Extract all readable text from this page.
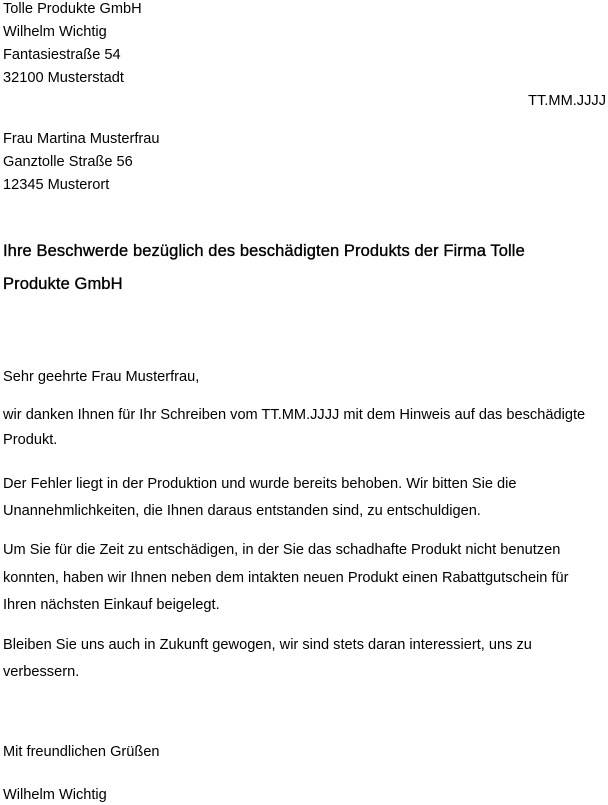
Tolle Produkte GmbH
Wilhelm Wichtig
Fantasiestraße 54
32100 Musterstadt
TT.MM.JJJJ
Frau Martina Musterfrau
Ganztolle Straße 56
12345 Musterort
Ihre Beschwerde bezüglich des beschädigten Produkts der Firma Tolle
Produkte GmbH
Sehr geehrte Frau Musterfrau,
wir danken Ihnen für Ihr Schreiben vom TT.MM.JJJJ mit dem Hinweis auf das beschädigte
Produkt.
Der Fehler liegt in der Produktion und wurde bereits behoben. Wir bitten Sie die
Unannehmlichkeiten, die Ihnen daraus entstanden sind, zu entschuldigen.
Um Sie für die Zeit zu entschädigen, in der Sie das schadhafte Produkt nicht benutzen
konnten, haben wir Ihnen neben dem intakten neuen Produkt einen Rabattgutschein für
Ihren nächsten Einkauf beigelegt.
Bleiben Sie uns auch in Zukunft gewogen, wir sind stets daran interessiert, uns zu
verbessern.
Mit freundlichen Grüßen
Wilhelm Wichtig
